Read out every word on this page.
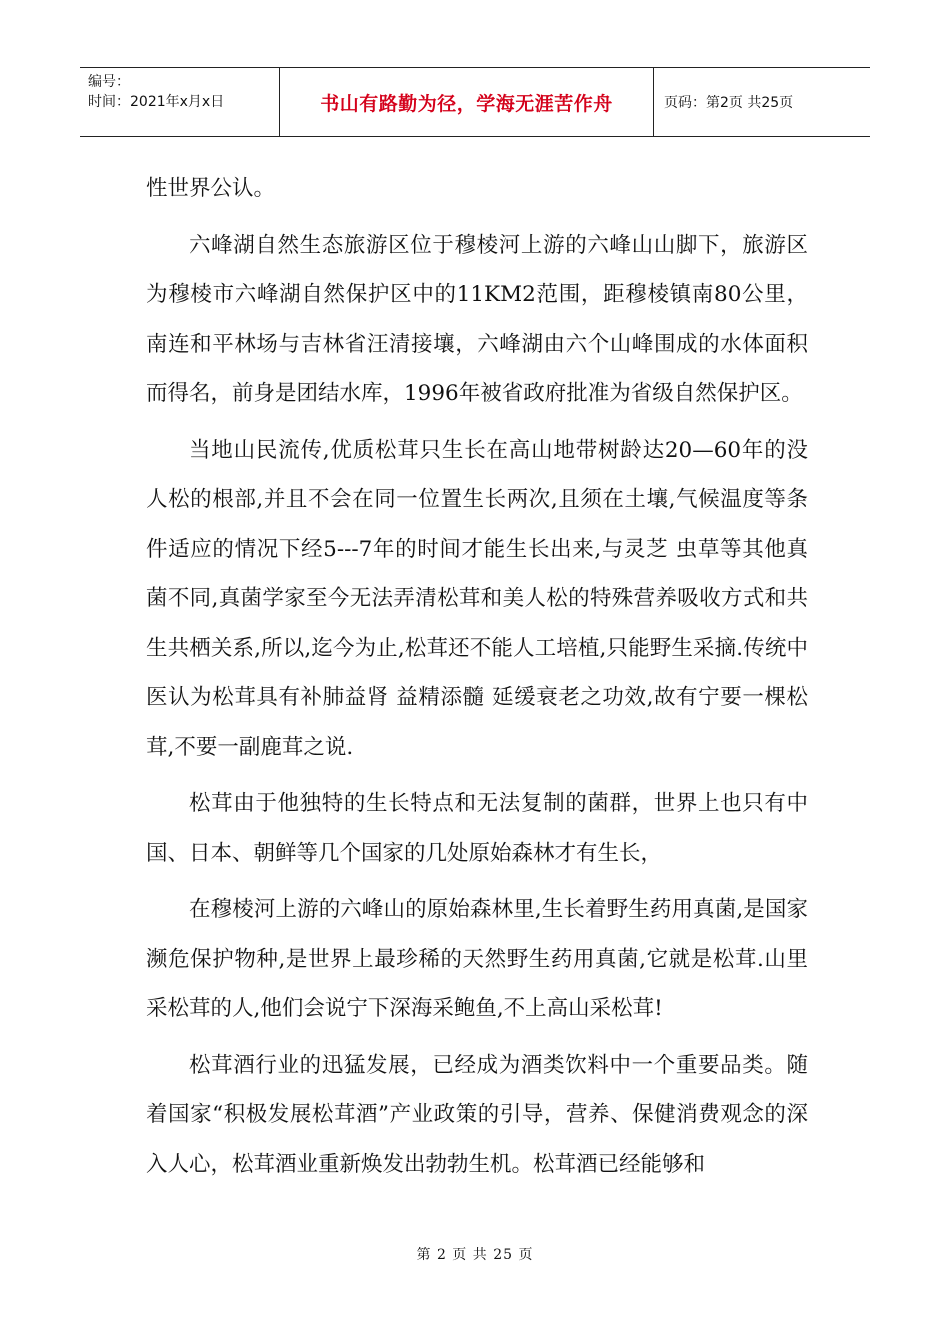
编号：
时间：2021年x月x日	书山有路勤为径，学海无涯苦作舟	页码：第2页 共25页

性世界公认。

六峰湖自然生态旅游区位于穆棱河上游的六峰山山脚下，旅游区为穆棱市六峰湖自然保护区中的11KM2范围，距穆棱镇南80公里，南连和平林场与吉林省汪清接壤，六峰湖由六个山峰围成的水体面积而得名，前身是团结水库，1996年被省政府批准为省级自然保护区。

当地山民流传,优质松茸只生长在高山地带树龄达20—60年的没人松的根部,并且不会在同一位置生长两次,且须在土壤,气候温度等条件适应的情况下经5---7年的时间才能生长出来,与灵芝 虫草等其他真菌不同,真菌学家至今无法弄清松茸和美人松的特殊营养吸收方式和共生共栖关系,所以,迄今为止,松茸还不能人工培植,只能野生采摘.传统中医认为松茸具有补肺益肾 益精添髓 延缓衰老之功效,故有宁要一棵松茸,不要一副鹿茸之说.

松茸由于他独特的生长特点和无法复制的菌群，世界上也只有中国、日本、朝鲜等几个国家的几处原始森林才有生长，

在穆棱河上游的六峰山的原始森林里,生长着野生药用真菌,是国家濒危保护物种,是世界上最珍稀的天然野生药用真菌,它就是松茸.山里采松茸的人,他们会说宁下深海采鲍鱼,不上高山采松茸!

松茸酒行业的迅猛发展，已经成为酒类饮料中一个重要品类。随着国家“积极发展松茸酒”产业政策的引导，营养、保健消费观念的深入人心，松茸酒业重新焕发出勃勃生机。松茸酒已经能够和

第 2 页 共 25 页
